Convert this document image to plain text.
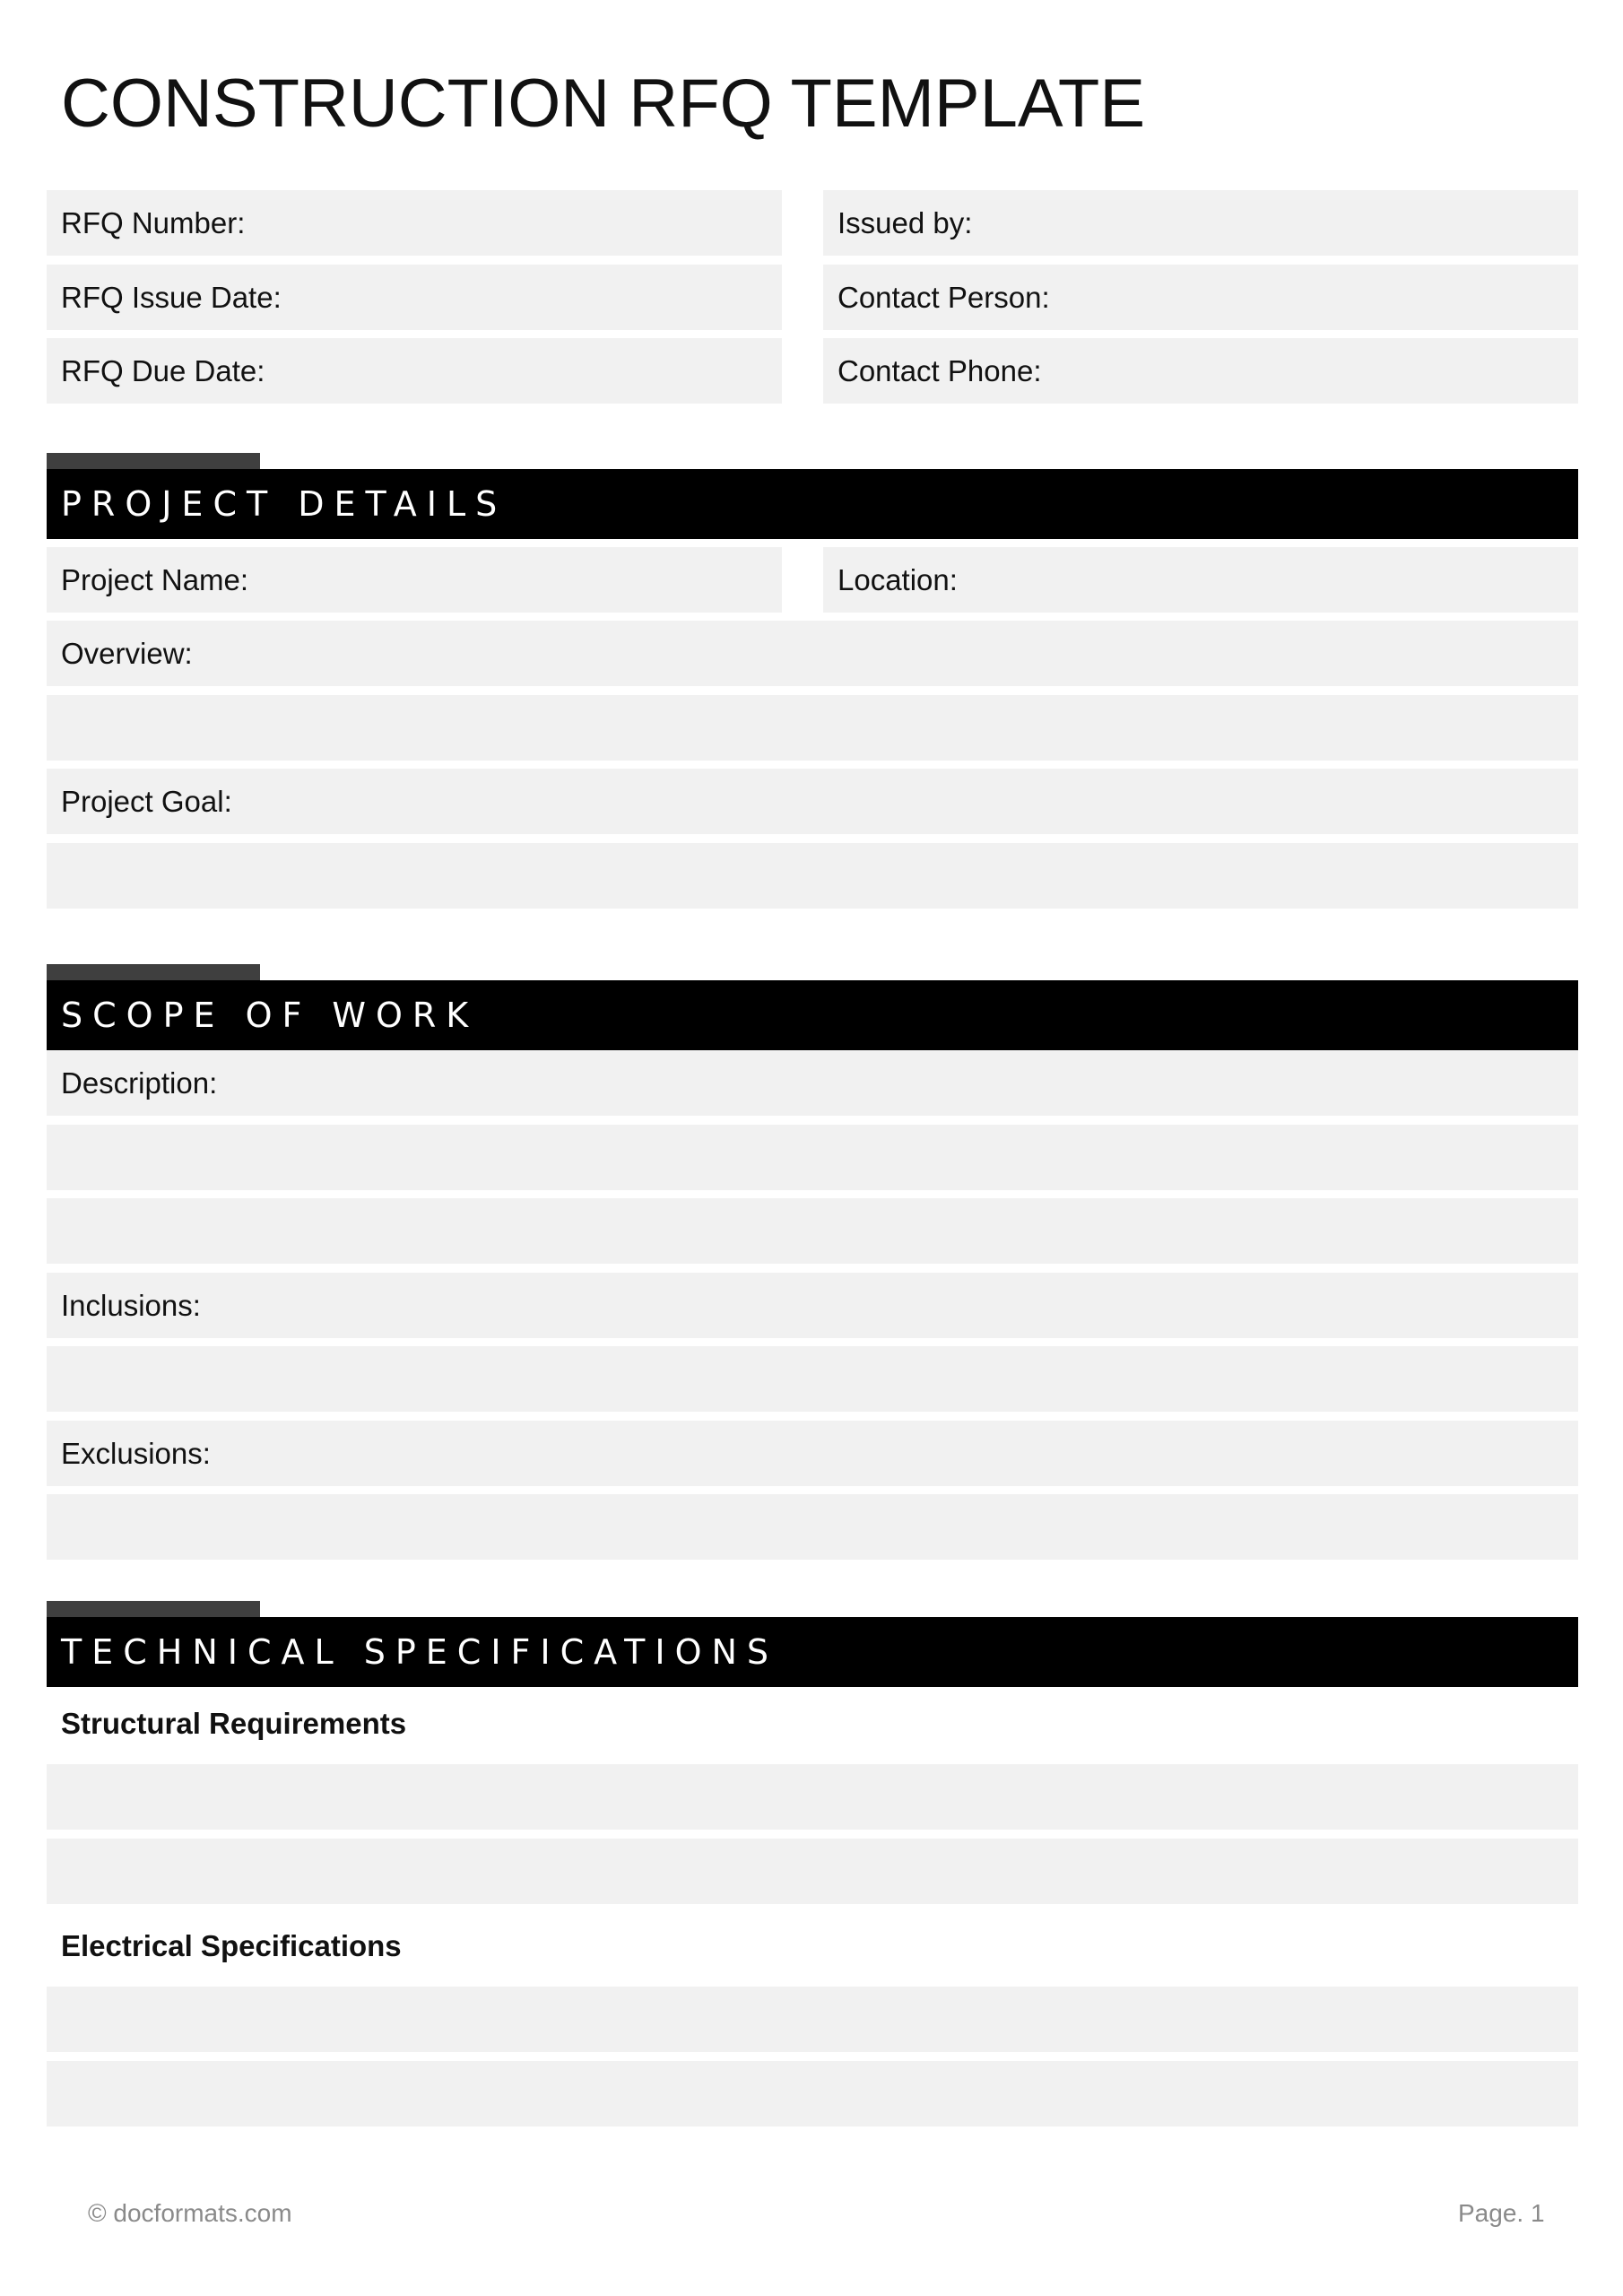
CONSTRUCTION RFQ TEMPLATE
RFQ Number:
RFQ Issue Date:
RFQ Due Date:
Issued by:
Contact Person:
Contact Phone:
PROJECT DETAILS
Project Name:	Location:
Overview:
Project Goal:
SCOPE OF WORK
Description:
Inclusions:
Exclusions:
TECHNICAL SPECIFICATIONS
Structural Requirements
Electrical Specifications
© docformats.com	Page. 1
